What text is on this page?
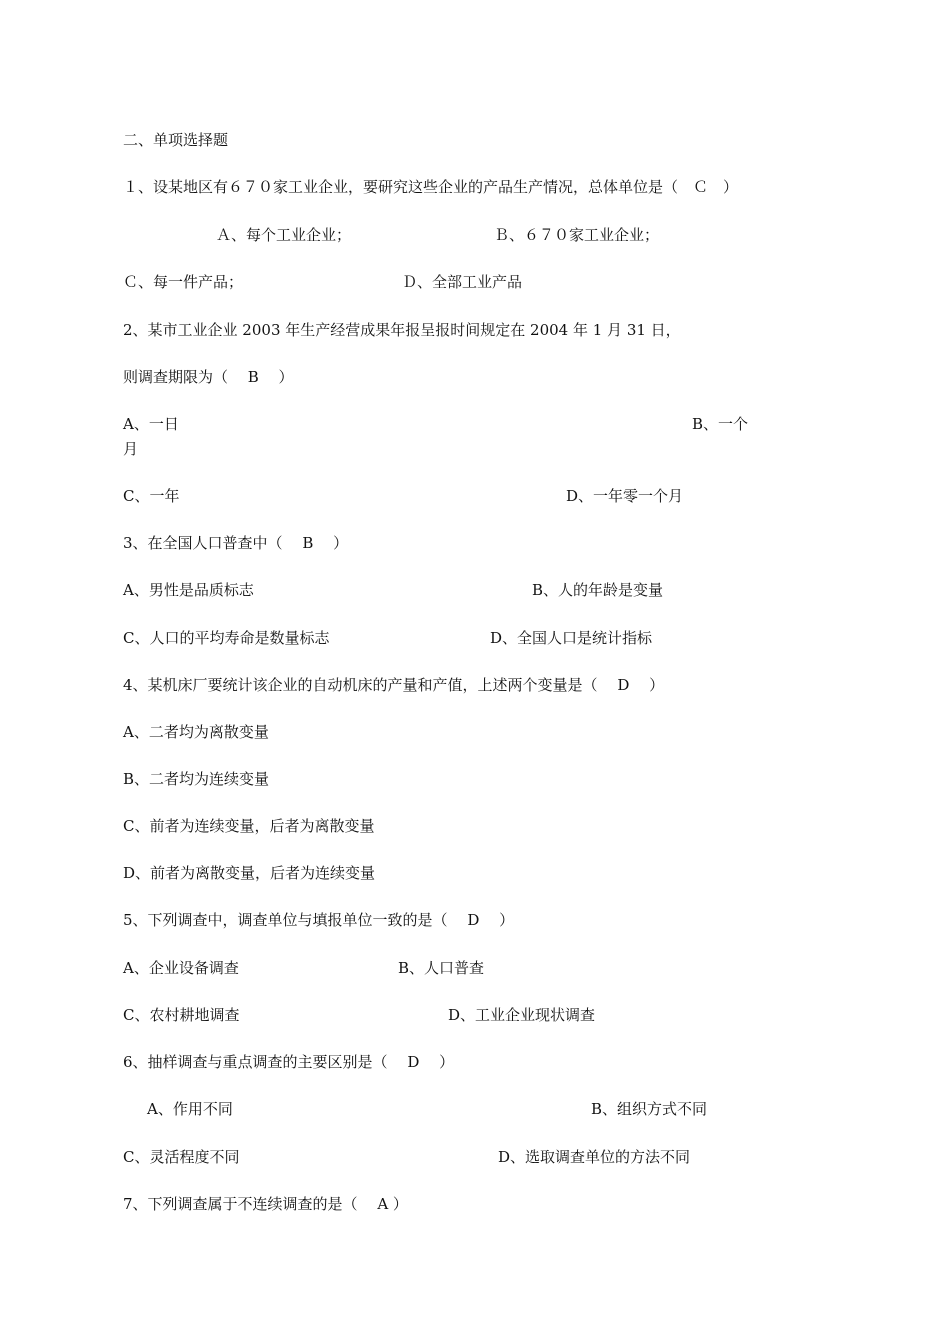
二、单项选择题
１、设某地区有６７０家工业企业，要研究这些企业的产品生产情况，总体单位是（　Ｃ　）
Ａ、每个工业企业；	Ｂ、６７０家工业企业；
Ｃ、每一件产品；	Ｄ、全部工业产品
2、某市工业企业 2003 年生产经营成果年报呈报时间规定在 2004 年 1 月 31 日，
则调查期限为（　 B　 ）
A、一日	B、一个
月
C、一年	D、一年零一个月
3、在全国人口普查中（　 B　 ）
A、男性是品质标志	B、人的年龄是变量
C、人口的平均寿命是数量标志	D、全国人口是统计指标
4、某机床厂要统计该企业的自动机床的产量和产值，上述两个变量是（　 D　 ）
A、二者均为离散变量
B、二者均为连续变量
C、前者为连续变量，后者为离散变量
D、前者为离散变量，后者为连续变量
5、下列调查中，调查单位与填报单位一致的是（　 D　 ）
A、企业设备调查	B、人口普查
C、农村耕地调查	D、工业企业现状调查
6、抽样调查与重点调查的主要区别是（　 D　 ）
A、作用不同	B、组织方式不同
C、灵活程度不同	D、选取调查单位的方法不同
7、下列调查属于不连续调查的是（　 A ）
